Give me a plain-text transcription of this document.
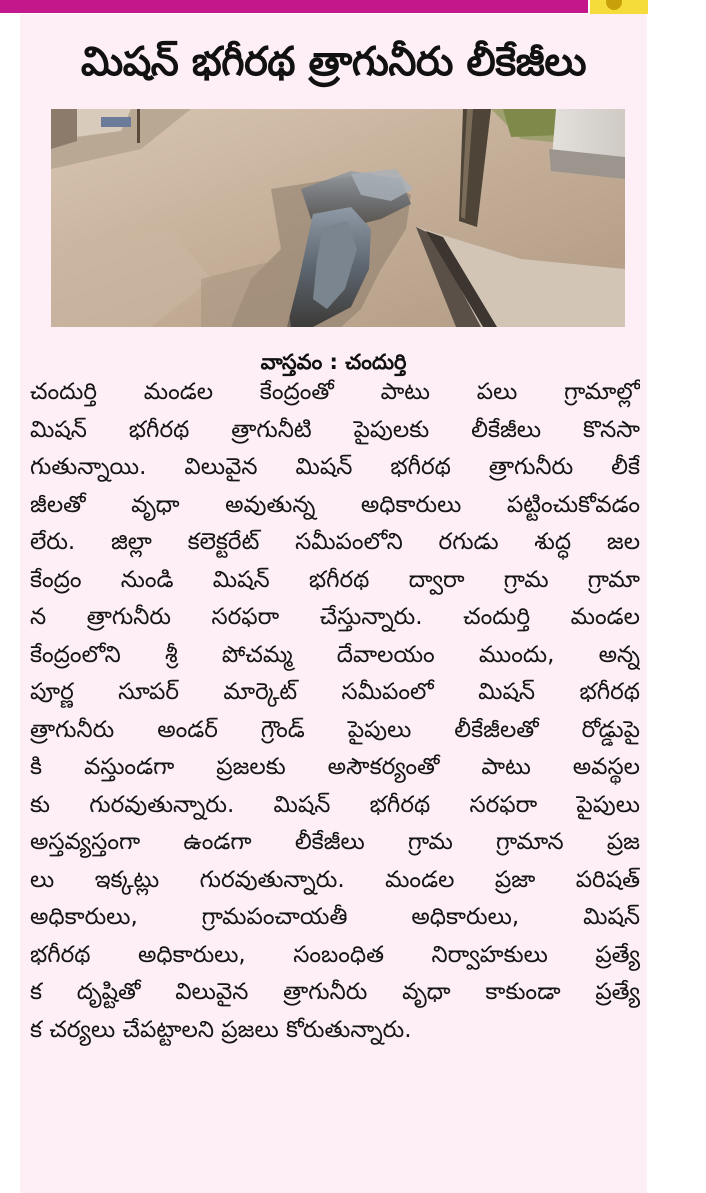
మిషన్ భగీరథ త్రాగునీరు లీకేజీలు
వాస్తవం : చందుర్తి
చందుర్తి మండల కేంద్రంతో పాటు పలు గ్రామాల్లో
మిషన్ భగీరథ త్రాగునీటి పైపులకు లీకేజీలు కొనసా
గుతున్నాయి. విలువైన మిషన్ భగీరథ త్రాగునీరు లీకే
జీలతో వృధా అవుతున్న అధికారులు పట్టించుకోవడం
లేరు. జిల్లా కలెక్టరేట్ సమీపంలోని రగుడు శుద్ధ జల
కేంద్రం నుండి మిషన్ భగీరథ ద్వారా గ్రామ గ్రామా
న త్రాగునీరు సరఫరా చేస్తున్నారు. చందుర్తి మండల
కేంద్రంలోని శ్రీ పోచమ్మ దేవాలయం ముందు, అన్న
పూర్ణ సూపర్ మార్కెట్ సమీపంలో మిషన్ భగీరథ
త్రాగునీరు అండర్ గ్రౌండ్ పైపులు లీకేజీలతో రోడ్డుపై
కి వస్తుండగా ప్రజలకు అసౌకర్యంతో పాటు అవస్థల
కు గురవుతున్నారు. మిషన్ భగీరథ సరఫరా పైపులు
అస్తవ్యస్తంగా ఉండగా లీకేజీలు గ్రామ గ్రామాన ప్రజ
లు ఇక్కట్లు గురవుతున్నారు. మండల ప్రజా పరిషత్
అధికారులు, గ్రామపంచాయతీ అధికారులు, మిషన్
భగీరథ అధికారులు, సంబంధిత నిర్వాహకులు ప్రత్యే
క దృష్టితో విలువైన త్రాగునీరు వృధా కాకుండా ప్రత్యే
క చర్యలు చేపట్టాలని ప్రజలు కోరుతున్నారు.
